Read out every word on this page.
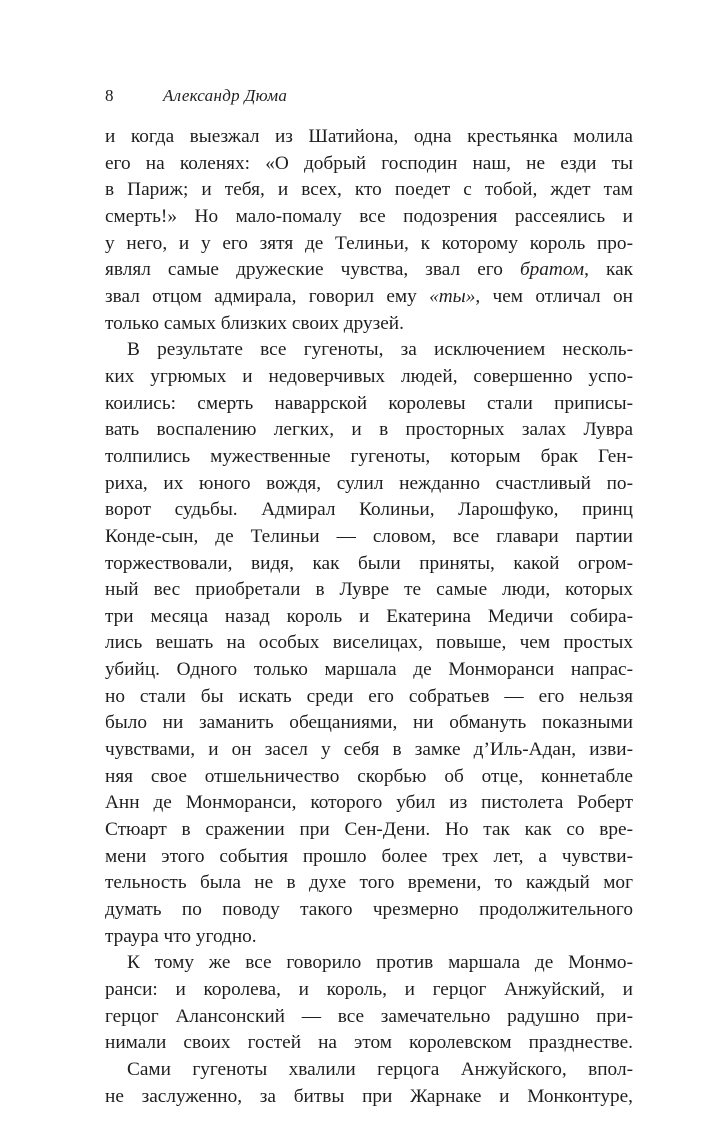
8	Александр Дюма
и когда выезжал из Шатийона, одна крестьянка молила
его на коленях: «О добрый господин наш, не езди ты
в Париж; и тебя, и всех, кто поедет с тобой, ждет там
смерть!» Но мало-помалу все подозрения рассеялись и
у него, и у его зятя де Телиньи, к которому король про-
являл самые дружеские чувства, звал его братом, как
звал отцом адмирала, говорил ему «ты», чем отличал он
только самых близких своих друзей.
В результате все гугеноты, за исключением несколь-
ких угрюмых и недоверчивых людей, совершенно успо-
коились: смерть наваррской королевы стали приписы-
вать воспалению легких, и в просторных залах Лувра
толпились мужественные гугеноты, которым брак Ген-
риха, их юного вождя, сулил нежданно счастливый по-
ворот судьбы. Адмирал Колиньи, Ларошфуко, принц
Конде-сын, де Телиньи — словом, все главари партии
торжествовали, видя, как были приняты, какой огром-
ный вес приобретали в Лувре те самые люди, которых
три месяца назад король и Екатерина Медичи собира-
лись вешать на особых виселицах, повыше, чем простых
убийц. Одного только маршала де Монморанси напрас-
но стали бы искать среди его собратьев — его нельзя
было ни заманить обещаниями, ни обмануть показными
чувствами, и он засел у себя в замке д’Иль-Адан, изви-
няя свое отшельничество скорбью об отце, коннетабле
Анн де Монморанси, которого убил из пистолета Роберт
Стюарт в сражении при Сен-Дени. Но так как со вре-
мени этого события прошло более трех лет, а чувстви-
тельность была не в духе того времени, то каждый мог
думать по поводу такого чрезмерно продолжительного
траура что угодно.
К тому же все говорило против маршала де Монмо-
ранси: и королева, и король, и герцог Анжуйский, и
герцог Алансонский — все замечательно радушно при-
нимали своих гостей на этом королевском празднестве.
Сами гугеноты хвалили герцога Анжуйского, впол-
не заслуженно, за битвы при Жарнаке и Монконтуре,
